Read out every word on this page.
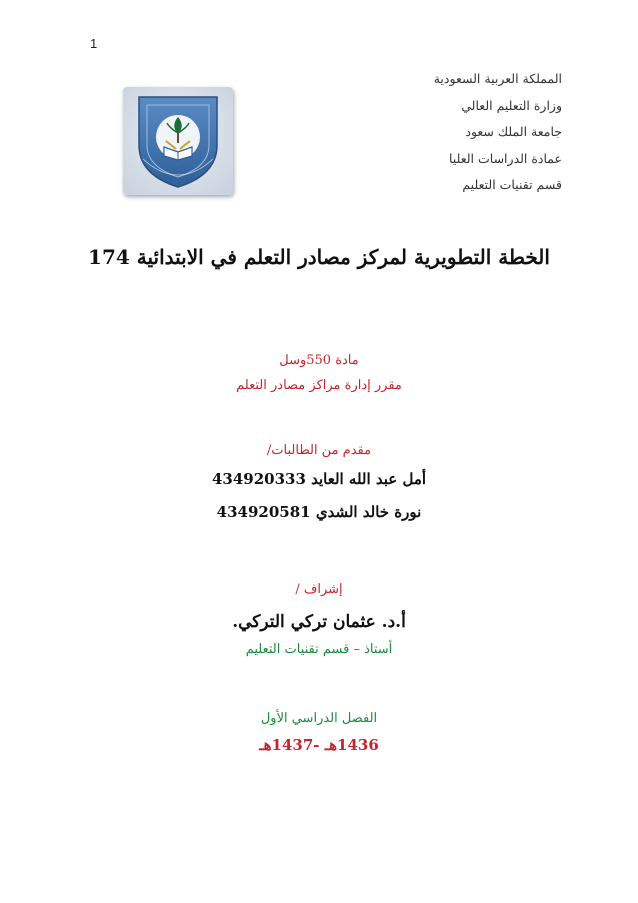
1
المملكة العربية السعودية
وزارة التعليم العالي
جامعة الملك سعود
عمادة الدراسات العليا
قسم تقنيات التعليم
الخطة التطويرية لمركز مصادر التعلم في الابتدائية 174
مادة 550وسل
مقرر إدارة مراكز مصادر التعلم
مقدم من الطالبات/
أمل عبد الله العايد 434920333
نورة خالد الشدي 434920581
إشراف /
أ.د. عثمان تركي التركي.
أستاذ – قسم تقنيات التعليم
الفصل الدراسي الأول
1436هـ -1437هـ
